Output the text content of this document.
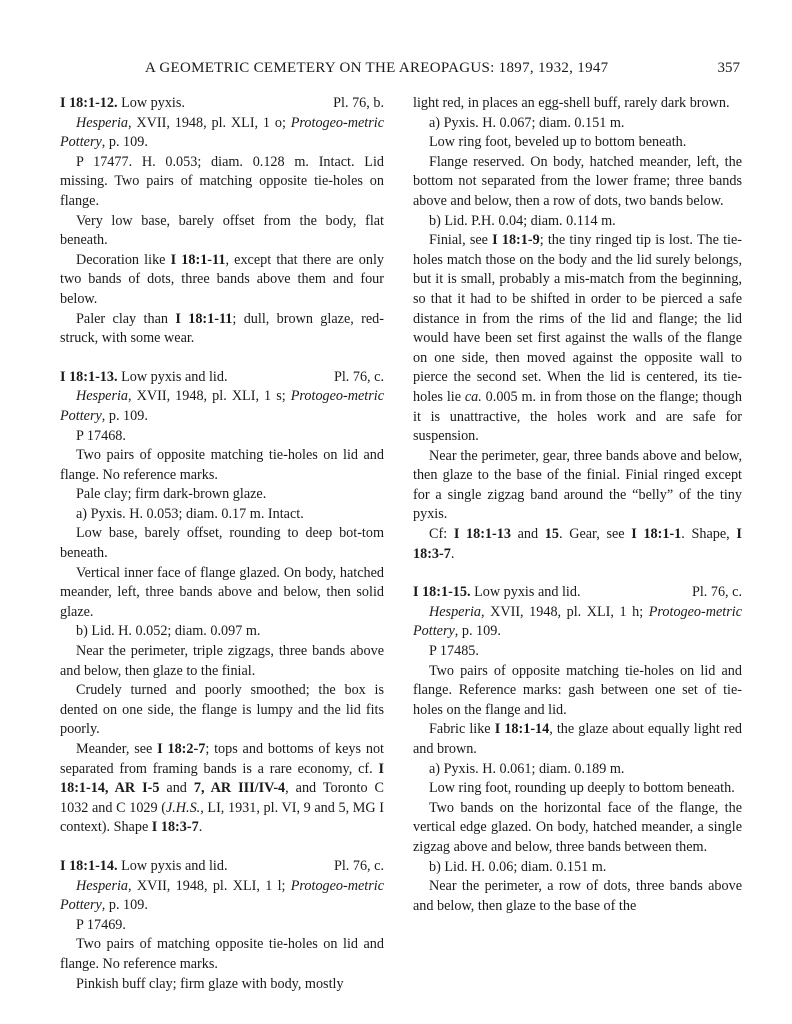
A GEOMETRIC CEMETERY ON THE AREOPAGUS: 1897, 1932, 1947	357
I 18:1-12. Low pyxis.	Pl. 76, b.

Hesperia, XVII, 1948, pl. XLI, 1 o; Protogeo-metric Pottery, p. 109.

P 17477. H. 0.053; diam. 0.128 m. Intact. Lid missing. Two pairs of matching opposite tie-holes on flange.

Very low base, barely offset from the body, flat beneath.

Decoration like I 18:1-11, except that there are only two bands of dots, three bands above them and four below.

Paler clay than I 18:1-11; dull, brown glaze, red-struck, with some wear.

I 18:1-13. Low pyxis and lid.	Pl. 76, c.

Hesperia, XVII, 1948, pl. XLI, 1 s; Protogeo-metric Pottery, p. 109.

P 17468.

Two pairs of opposite matching tie-holes on lid and flange. No reference marks.

Pale clay; firm dark-brown glaze.

a) Pyxis. H. 0.053; diam. 0.17 m. Intact.

Low base, barely offset, rounding to deep bot-tom beneath.

Vertical inner face of flange glazed. On body, hatched meander, left, three bands above and below, then solid glaze.

b) Lid. H. 0.052; diam. 0.097 m.

Near the perimeter, triple zigzags, three bands above and below, then glaze to the finial.

Crudely turned and poorly smoothed; the box is dented on one side, the flange is lumpy and the lid fits poorly.

Meander, see I 18:2-7; tops and bottoms of keys not separated from framing bands is a rare economy, cf. I 18:1-14, AR I-5 and 7, AR III/IV-4, and Toronto C 1032 and C 1029 (J.H.S., LI, 1931, pl. VI, 9 and 5, MG I context). Shape I 18:3-7.

I 18:1-14. Low pyxis and lid.	Pl. 76, c.

Hesperia, XVII, 1948, pl. XLI, 1 l; Protogeo-metric Pottery, p. 109.

P 17469.

Two pairs of matching opposite tie-holes on lid and flange. No reference marks.

Pinkish buff clay; firm glaze with body, mostly

light red, in places an egg-shell buff, rarely dark brown.

a) Pyxis. H. 0.067; diam. 0.151 m.

Low ring foot, beveled up to bottom beneath.

Flange reserved. On body, hatched meander, left, the bottom not separated from the lower frame; three bands above and below, then a row of dots, two bands below.

b) Lid. P.H. 0.04; diam. 0.114 m.

Finial, see I 18:1-9; the tiny ringed tip is lost. The tie-holes match those on the body and the lid surely belongs, but it is small, probably a mis-match from the beginning, so that it had to be shifted in order to be pierced a safe distance in from the rims of the lid and flange; the lid would have been set first against the walls of the flange on one side, then moved against the opposite wall to pierce the second set. When the lid is centered, its tie-holes lie ca. 0.005 m. in from those on the flange; though it is unattractive, the holes work and are safe for suspension.

Near the perimeter, gear, three bands above and below, then glaze to the base of the finial. Finial ringed except for a single zigzag band around the “belly” of the tiny pyxis.

Cf: I 18:1-13 and 15. Gear, see I 18:1-1. Shape, I 18:3-7.

I 18:1-15. Low pyxis and lid.	Pl. 76, c.

Hesperia, XVII, 1948, pl. XLI, 1 h; Protogeo-metric Pottery, p. 109.

P 17485.

Two pairs of opposite matching tie-holes on lid and flange. Reference marks: gash between one set of tie-holes on the flange and lid.

Fabric like I 18:1-14, the glaze about equally light red and brown.

a) Pyxis. H. 0.061; diam. 0.189 m.

Low ring foot, rounding up deeply to bottom beneath.

Two bands on the horizontal face of the flange, the vertical edge glazed. On body, hatched meander, a single zigzag above and below, three bands between them.

b) Lid. H. 0.06; diam. 0.151 m.

Near the perimeter, a row of dots, three bands above and below, then glaze to the base of the
